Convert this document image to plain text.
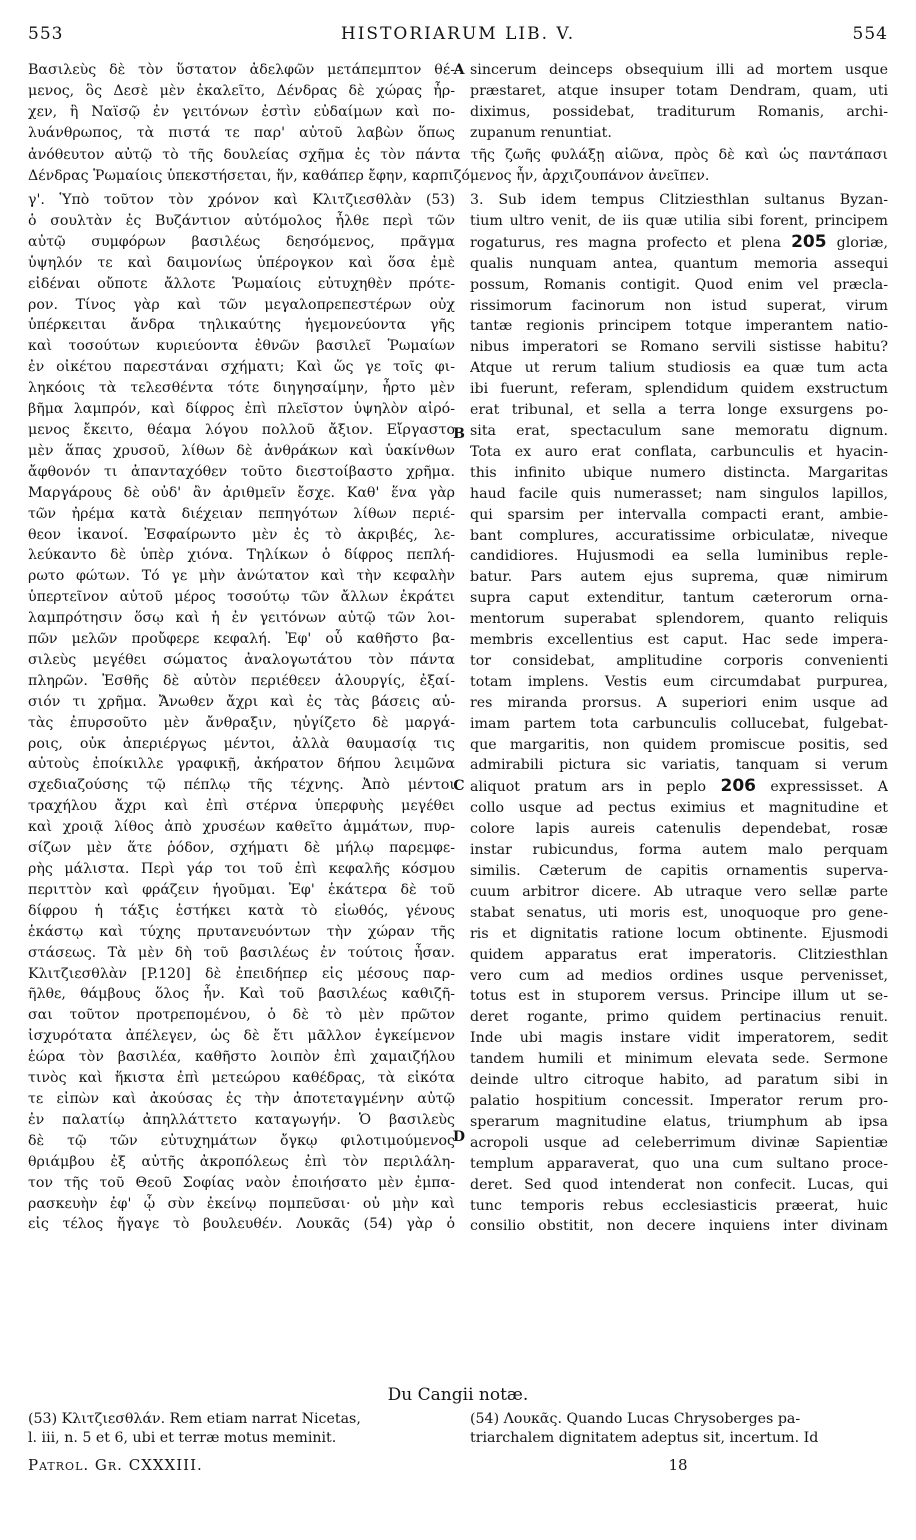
553	HISTORIARUM LIB. V.	554
Βασιλεὺς δὲ τὸν ὕστατον ἀδελφῶν μετάπεμπτον θέ-
μενος, ὃς Δεσὲ μὲν ἐκαλεῖτο, Δένδρας δὲ χώρας ἦρ-
χεν, ἣ Ναϊσῷ ἐν γειτόνων ἐστὶν εὐδαίμων καὶ πο-
λυάνθρωπος, τὰ πιστά τε παρ' αὐτοῦ λαβὼν ὅπως
sincerum deinceps obsequium illi ad mortem usque
præstaret, atque insuper totam Dendram, quam, uti
diximus, possidebat, traditurum Romanis, archi-
zupanum renuntiat.
A
ἀνόθευτον αὐτῷ τὸ τῆς δουλείας σχῆμα ἐς τὸν πάντα τῆς ζωῆς φυλάξῃ αἰῶνα, πρὸς δὲ καὶ ὡς παντάπασι
Δένδρας Ῥωμαίοις ὑπεκστήσεται, ἥν, καθάπερ ἔφην, καρπιζόμενος ἦν, ἀρχιζουπάνον ἀνεῖπεν.
γ'. Ὑπὸ τοῦτον τὸν χρόνον καὶ Κλιτζιεσθλὰν (53)
ὁ σουλτὰν ἐς Βυζάντιον αὐτόμολος ἦλθε περὶ τῶν
αὐτῷ συμφόρων βασιλέως δεησόμενος, πρᾶγμα
ὑψηλόν τε καὶ δαιμονίως ὑπέρογκον καὶ ὅσα ἐμὲ
εἰδέναι οὔποτε ἄλλοτε Ῥωμαίοις εὐτυχηθὲν πρότε-
ρον. Τίνος γὰρ καὶ τῶν μεγαλοπρεπεστέρων οὐχ
ὑπέρκειται ἄνδρα τηλικαύτης ἡγεμονεύοντα γῆς
καὶ τοσούτων κυριεύοντα ἐθνῶν βασιλεῖ Ῥωμαίων
ἐν οἰκέτου παρεστάναι σχήματι; Καὶ ὥς γε τοῖς φι-
ληκόοις τὰ τελεσθέντα τότε διηγησαίμην, ἦρτο μὲν
βῆμα λαμπρόν, καὶ δίφρος ἐπὶ πλεῖστον ὑψηλὸν αἰρό-
μενος ἔκειτο, θέαμα λόγου πολλοῦ ἄξιον. Εἴργαστο
μὲν ἅπας χρυσοῦ, λίθων δὲ ἀνθράκων καὶ ὑακίνθων
ἄφθονόν τι ἁπανταχόθεν τοῦτο διεστοίβαστο χρῆμα.
Μαργάρους δὲ οὐδ' ἂν ἀριθμεῖν ἔσχε. Καθ' ἕνα γὰρ
τῶν ἠρέμα κατὰ διέχειαν πεπηγότων λίθων περιέ-
θεον ἱκανοί. Ἐσφαίρωντο μὲν ἐς τὸ ἀκριβές, λε-
λεύκαντο δὲ ὑπὲρ χιόνα. Τηλίκων ὁ δίφρος πεπλή-
ρωτο φώτων. Τό γε μὴν ἀνώτατον καὶ τὴν κεφαλὴν
ὑπερτεῖνον αὐτοῦ μέρος τοσούτῳ τῶν ἄλλων ἐκράτει
λαμπρότησιν ὅσῳ καὶ ἡ ἐν γειτόνων αὐτῷ τῶν λοι-
πῶν μελῶν προὔφερε κεφαλή. Ἐφ' οὗ καθῆστο βα-
σιλεὺς μεγέθει σώματος ἀναλογωτάτου τὸν πάντα
πληρῶν. Ἐσθῆς δὲ αὐτὸν περιέθεεν ἁλουργίς, ἐξαί-
σιόν τι χρῆμα. Ἄνωθεν ἄχρι καὶ ἐς τὰς βάσεις αὐ-
τὰς ἐπυρσοῦτο μὲν ἄνθραξιν, ηὐγίζετο δὲ μαργά-
ροις, οὐκ ἀπεριέργως μέντοι, ἀλλὰ θαυμασίᾳ τις
αὐτοὺς ἐποίκιλλε γραφικῇ, ἀκήρατον δήπου λειμῶνα
σχεδιαζούσης τῷ πέπλῳ τῆς τέχνης. Ἀπὸ μέντοι
τραχήλου ἄχρι καὶ ἐπὶ στέρνα ὑπερφυὴς μεγέθει
καὶ χροιᾷ λίθος ἀπὸ χρυσέων καθεῖτο ἁμμάτων, πυρ-
σίζων μὲν ἅτε ῥόδον, σχήματι δὲ μήλῳ παρεμφε-
ρὴς μάλιστα. Περὶ γάρ τοι τοῦ ἐπὶ κεφαλῆς κόσμου
περιττὸν καὶ φράζειν ἡγοῦμαι. Ἐφ' ἑκάτερα δὲ τοῦ
δίφρου ἡ τάξις ἑστήκει κατὰ τὸ εἰωθός, γένους
ἑκάστῳ καὶ τύχης πρυτανευόντων τὴν χώραν τῆς
στάσεως. Τὰ μὲν δὴ τοῦ βασιλέως ἐν τούτοις ἦσαν.
Κλιτζιεσθλὰν [P.120] δὲ ἐπειδήπερ εἰς μέσους παρ-
ῆλθε, θάμβους ὅλος ἦν. Καὶ τοῦ βασιλέως καθιζῆ-
σαι τοῦτον προτρεπομένου, ὁ δὲ τὸ μὲν πρῶτον
ἰσχυρότατα ἀπέλεγεν, ὡς δὲ ἔτι μᾶλλον ἐγκείμενον
ἑώρα τὸν βασιλέα, καθῆστο λοιπὸν ἐπὶ χαμαιζήλου
τινὸς καὶ ἥκιστα ἐπὶ μετεώρου καθέδρας, τὰ εἰκότα
τε εἰπὼν καὶ ἀκούσας ἐς τὴν ἀποτεταγμένην αὐτῷ
ἐν παλατίῳ ἀπηλλάττετο καταγωγήν. Ὁ βασιλεὺς
δὲ τῷ τῶν εὐτυχημάτων ὄγκῳ φιλοτιμούμενος
θριάμβου ἐξ αὐτῆς ἀκροπόλεως ἐπὶ τὸν περιλάλη-
τον τῆς τοῦ Θεοῦ Σοφίας ναὸν ἐποιήσατο μὲν ἐμπα-
ρασκευὴν ἐφ' ᾧ σὺν ἐκείνῳ πομπεῦσαι· οὐ μὴν καὶ
εἰς τέλος ἤγαγε τὸ βουλευθέν. Λουκᾶς (54) γὰρ ὁ
3. Sub idem tempus Clitziesthlan sultanus Byzan-
tium ultro venit, de iis quæ utilia sibi forent, principem
rogaturus, res magna profecto et plena 205 gloriæ,
qualis nunquam antea, quantum memoria assequi
possum, Romanis contigit. Quod enim vel præcla-
rissimorum facinorum non istud superat, virum
tantæ regionis principem totque imperantem natio-
nibus imperatori se Romano servili sistisse habitu?
Atque ut rerum talium studiosis ea quæ tum acta
ibi fuerunt, referam, splendidum quidem exstructum
erat tribunal, et sella a terra longe exsurgens po-
sita erat, spectaculum sane memoratu dignum.
Tota ex auro erat conflata, carbunculis et hyacin-
this infinito ubique numero distincta. Margaritas
haud facile quis numerasset; nam singulos lapillos,
qui sparsim per intervalla compacti erant, ambie-
bant complures, accuratissime orbiculatæ, niveque
candidiores. Hujusmodi ea sella luminibus reple-
batur. Pars autem ejus suprema, quæ nimirum
supra caput extenditur, tantum cæterorum orna-
mentorum superabat splendorem, quanto reliquis
membris excellentius est caput. Hac sede impera-
tor considebat, amplitudine corporis convenienti
totam implens. Vestis eum circumdabat purpurea,
res miranda prorsus. A superiori enim usque ad
imam partem tota carbunculis collucebat, fulgebat-
que margaritis, non quidem promiscue positis, sed
admirabili pictura sic variatis, tanquam si verum
aliquot pratum ars in peplo 206 expressisset. A
collo usque ad pectus eximius et magnitudine et
colore lapis aureis catenulis dependebat, rosæ
instar rubicundus, forma autem malo perquam
similis. Cæterum de capitis ornamentis superva-
cuum arbitror dicere. Ab utraque vero sellæ parte
stabat senatus, uti moris est, unoquoque pro gene-
ris et dignitatis ratione locum obtinente. Ejusmodi
quidem apparatus erat imperatoris. Clitziesthlan
vero cum ad medios ordines usque pervenisset,
totus est in stuporem versus. Principe illum ut se-
deret rogante, primo quidem pertinacius renuit.
Inde ubi magis instare vidit imperatorem, sedit
tandem humili et minimum elevata sede. Sermone
deinde ultro citroque habito, ad paratum sibi in
palatio hospitium concessit. Imperator rerum pro-
sperarum magnitudine elatus, triumphum ab ipsa
acropoli usque ad celeberrimum divinæ Sapientiæ
templum apparaverat, quo una cum sultano proce-
deret. Sed quod intenderat non confecit. Lucas, qui
tunc temporis rebus ecclesiasticis præerat, huic
consilio obstitit, non decere inquiens inter divinam
B
C
D
Du Cangii notæ.
(53) Κλιτζιεσθλάν. Rem etiam narrat Nicetas,
l. iii, n. 5 et 6, ubi et terræ motus meminit.
(54) Λουκᾶς. Quando Lucas Chrysoberges pa-
triarchalem dignitatem adeptus sit, incertum. Id
Patrol. Gr. CXXXIII.	18
